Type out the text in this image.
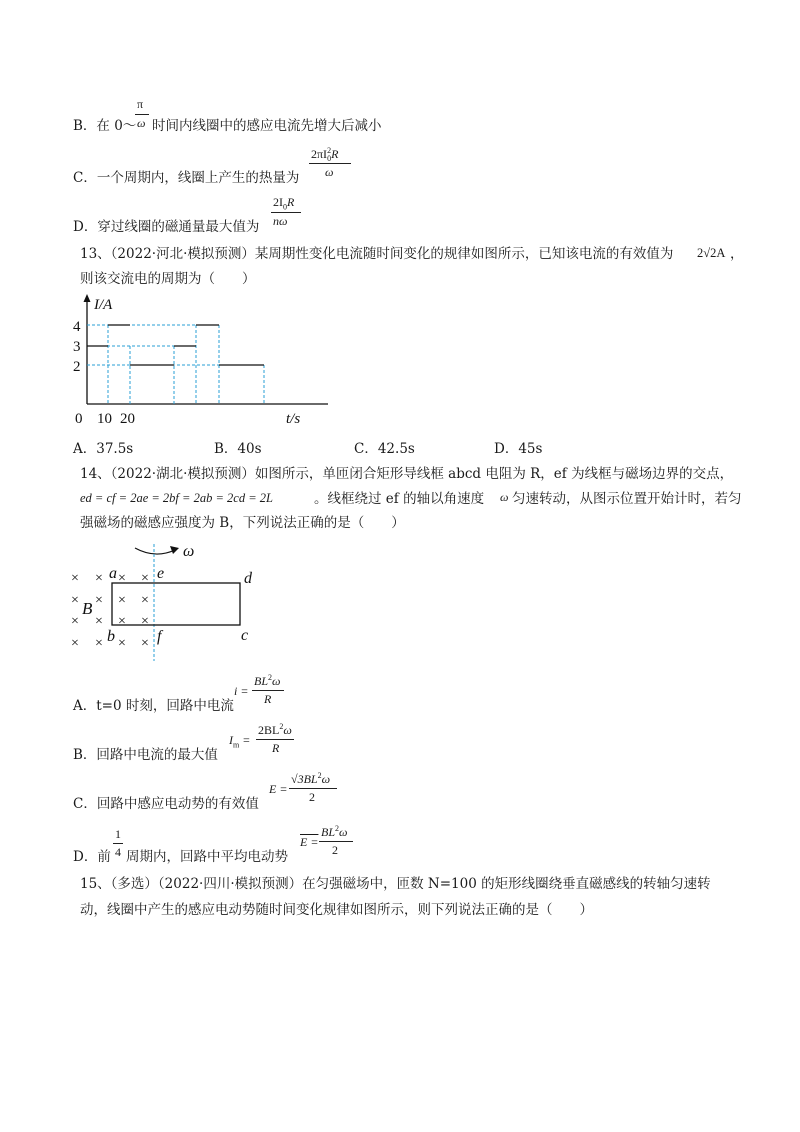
B．在 0～
π
ω 时间内线圈中的感应电流先增大后减小
C．一个周期内，线圈上产生的热量为
$2\pi I^2_0R$
ω
D．穿过线圈的磁通量最大值为
$2I_0R$
nω
13、（2022·河北·模拟预测）某周期性变化电流随时间变化的规律如图所示，已知该电流的有效值为 2√2A ，
则该交流电的周期为（　　）
I/A
4
3
2
0 10 20	t/s
A．37.5s	B．40s	C．42.5s	D．45s
14、（2022·湖北·模拟预测）如图所示，单匝闭合矩形导线框 abcd 电阻为 R，ef 为线框与磁场边界的交点，
ed = cf = 2ae = 2bf = 2ab = 2cd = 2L	。线框绕过 ef 的轴以角速度 ω 匀速转动，从图示位置开始计时，若匀
强磁场的磁感应强度为 B，下列说法正确的是（　　）
ω
× × × ×
× × × ×
× × × ×
× × × ×
a	e	d
B
b	f	c
A．t=0 时刻，回路中电流
i =
$BL^2\omega$
R
B．回路中电流的最大值
$I_m$ =
$2BL^2\omega$
R
C．回路中感应电动势的有效值
E =
$√3BL^2\omega$
2
D．前
1
4 周期内，回路中平均电动势
E =
$BL^2\omega$
2
15、（多选）（2022·四川·模拟预测）在匀强磁场中，匝数 N=100 的矩形线圈绕垂直磁感线的转轴匀速转
动，线圈中产生的感应电动势随时间变化规律如图所示，则下列说法正确的是（　　）
